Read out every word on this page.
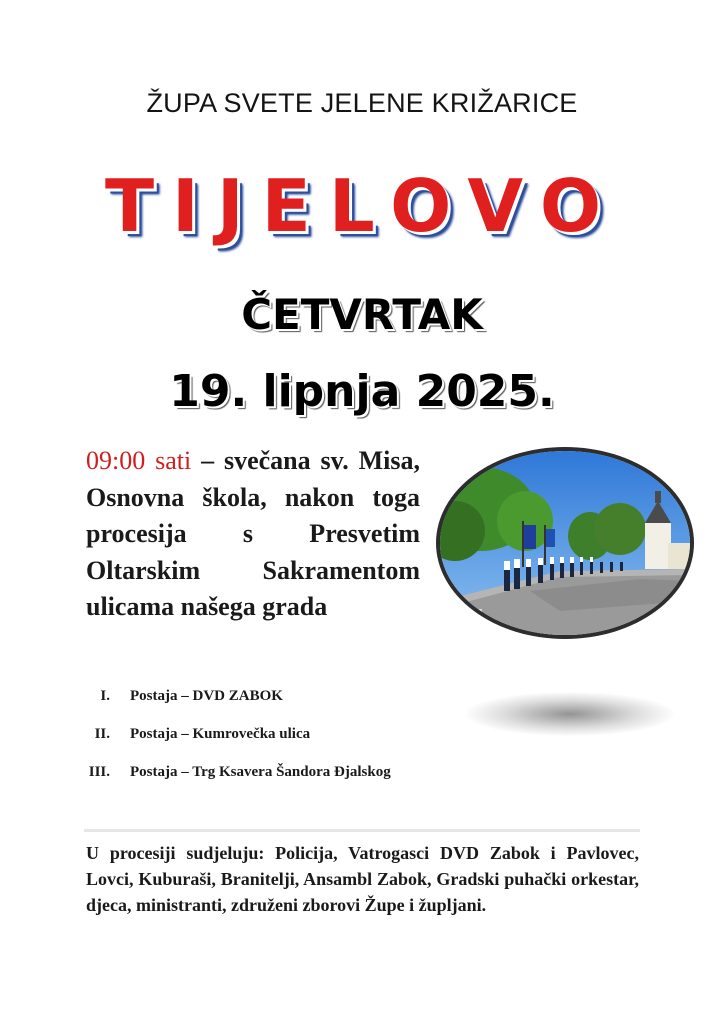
ŽUPA SVETE JELENE KRIŽARICE
TIJELOVO
ČETVRTAK
19. lipnja 2025.
09:00 sati – svečana sv. Misa, Osnovna škola, nakon toga procesija s Presvetim Oltarskim Sakramentom ulicama našega grada
I. Postaja – DVD ZABOK
II. Postaja – Kumrovečka ulica
III. Postaja – Trg Ksavera Šandora Đjalskog
U procesiji sudjeluju: Policija, Vatrogasci DVD Zabok i Pavlovec, Lovci, Kuburaši, Branitelji, Ansambl Zabok, Gradski puhački orkestar, djeca, ministranti, združeni zborovi Župe i župljani.
